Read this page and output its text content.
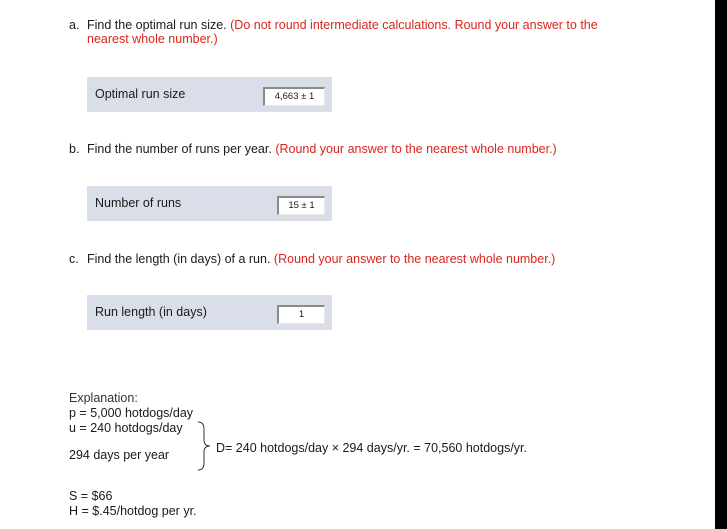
a. Find the optimal run size. (Do not round intermediate calculations. Round your answer to the
nearest whole number.)
Optimal run size	4,663 ± 1
b. Find the number of runs per year. (Round your answer to the nearest whole number.)
Number of runs	15 ± 1
c. Find the length (in days) of a run. (Round your answer to the nearest whole number.)
Run length (in days)	1
Explanation:
p = 5,000 hotdogs/day
u = 240 hotdogs/day
294 days per year	D= 240 hotdogs/day × 294 days/yr. = 70,560 hotdogs/yr.
S = $66
H = $.45/hotdog per yr.
